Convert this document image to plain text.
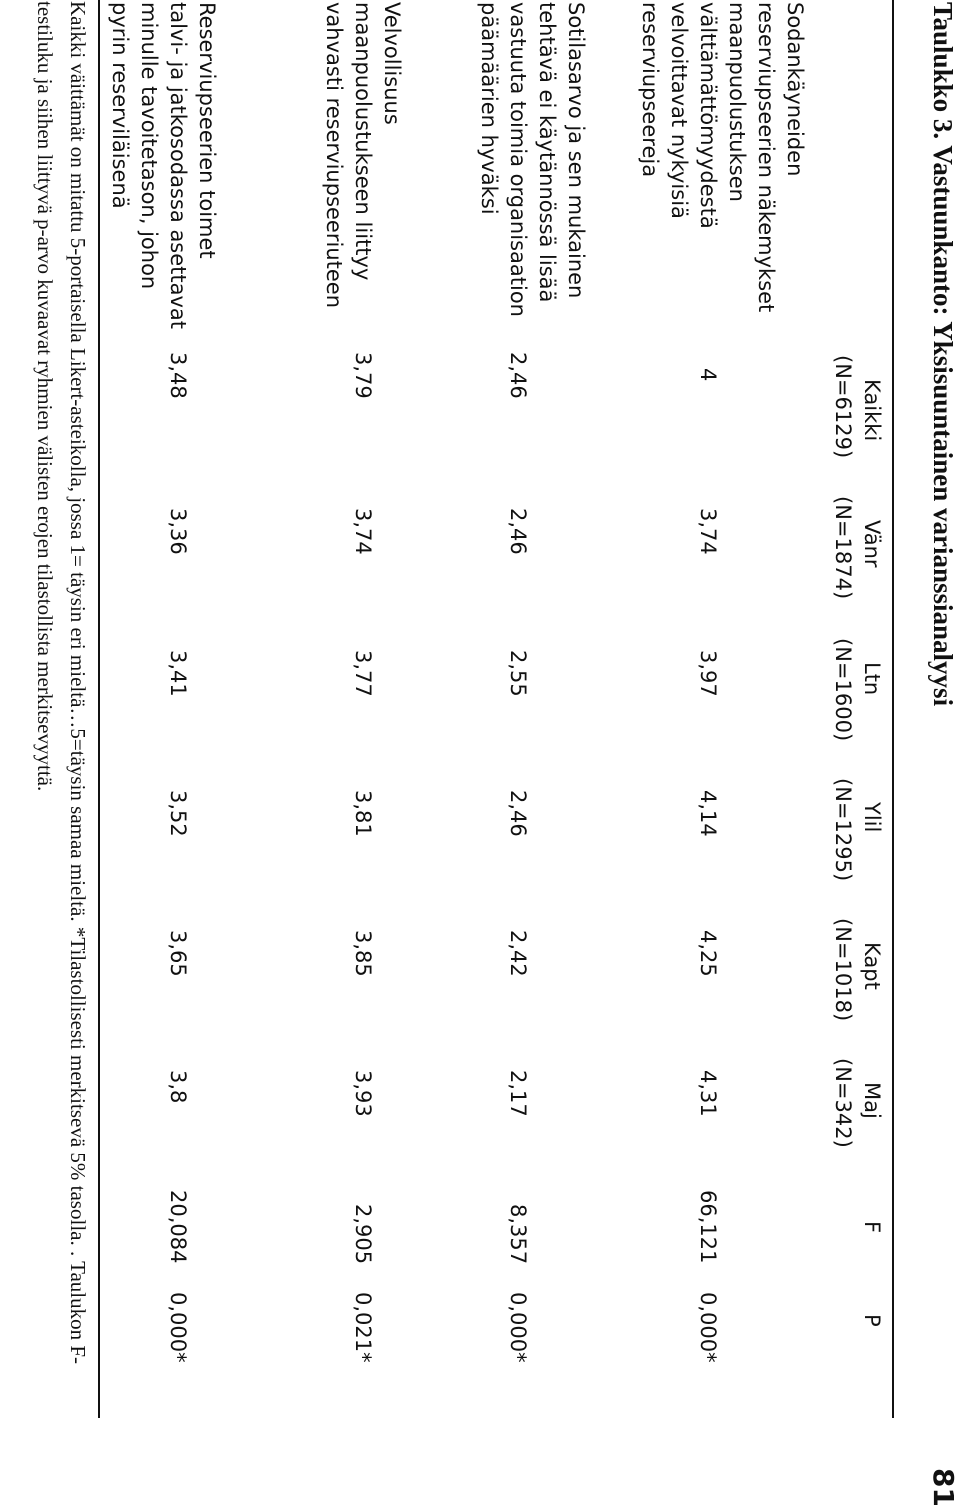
81
Taulukko 3. Vastuunkanto: Yksisuuntainen varianssianalyysi
Kaikki
(N=6129)
Vänr
(N=1874)
Ltn
(N=1600)
Ylil
(N=1295)
Kapt
(N=1018)
Maj
(N=342)
F
P
Sodankäyneiden
reserviupseerien näkemykset
maanpuolustuksen
välttämättömyydestä
velvoittavat nykyisiä
reserviupseereja
4
3,74
3,97
4,14
4,25
4,31
66,121
0,000*
Sotilasarvo ja sen mukainen
tehtävä ei käytännössä lisää
vastuuta toimia organisaation
päämäärien hyväksi
2,46
2,46
2,55
2,46
2,42
2,17
8,357
0,000*
Velvollisuus
maanpuolustukseen liittyy
vahvasti reserviupseeriuteen
3,79
3,74
3,77
3,81
3,85
3,93
2,905
0,021*
Reserviupseerien toimet
talvi- ja jatkosodassa asettavat
minulle tavoitetason, johon
pyrin reserviläisenä
3,48
3,36
3,41
3,52
3,65
3,8
20,084
0,000*
Kaikki väittämät on mitattu 5-portaisella Likert-asteikolla, jossa 1= täysin eri mieltä…5=täysin samaa mieltä. *Tilastollisesti merkitsevä 5% tasolla. . Taulukon F-testiluku ja siihen liittyvä p-arvo kuvaavat ryhmien välisten erojen tilastollista merkitsevyyttä.
